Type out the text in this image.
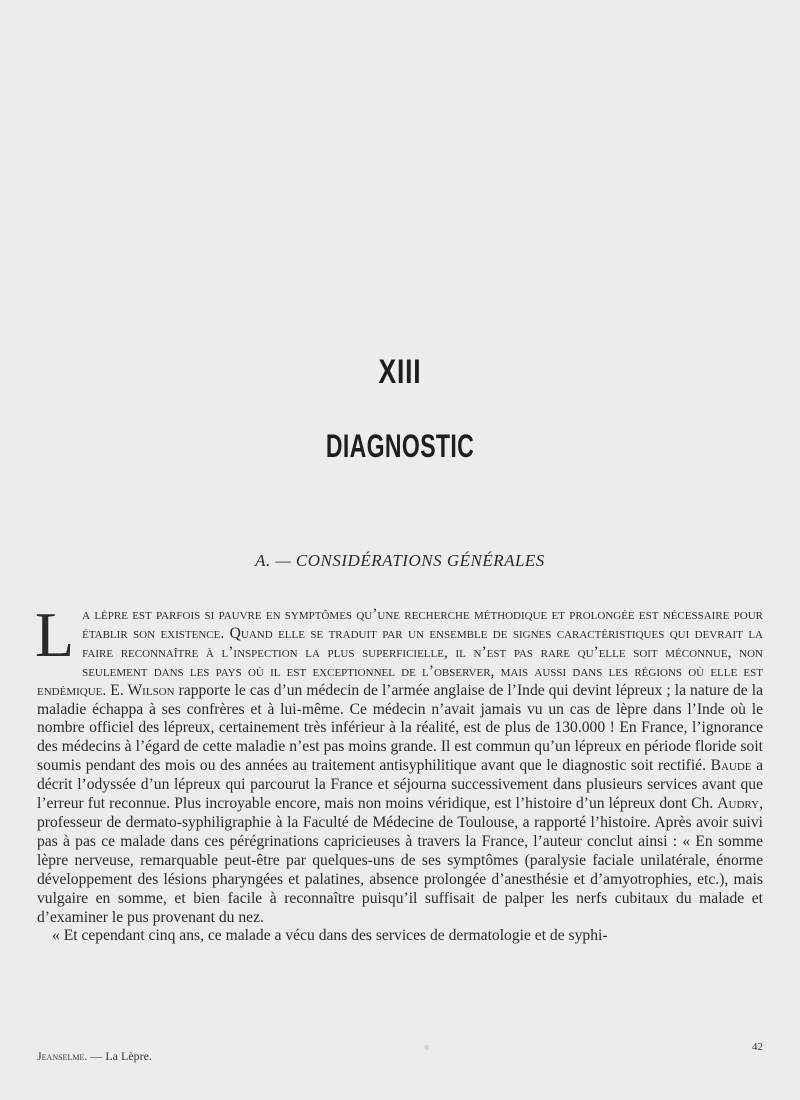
XIII
DIAGNOSTIC
A. — CONSIDÉRATIONS GÉNÉRALES

La lèpre est parfois si pauvre en symptômes qu’une recherche méthodique et prolongée est nécessaire pour établir son existence. Quand elle se traduit par un ensemble de signes caractéristiques qui devrait la faire reconnaître à l’inspection la plus superficielle, il n’est pas rare qu’elle soit méconnue, non seulement dans les pays où il est exceptionnel de l’observer, mais aussi dans les régions où elle est endémique. E. Wilson rapporte le cas d’un médecin de l’armée anglaise de l’Inde qui devint lépreux ; la nature de la maladie échappa à ses confrères et à lui-même. Ce médecin n’avait jamais vu un cas de lèpre dans l’Inde où le nombre officiel des lépreux, certainement très inférieur à la réalité, est de plus de 130.000 ! En France, l’ignorance des médecins à l’égard de cette maladie n’est pas moins grande. Il est commun qu’un lépreux en période floride soit soumis pendant des mois ou des années au traitement antisyphilitique avant que le diagnostic soit rectifié. Baude a décrit l’odyssée d’un lépreux qui parcourut la France et séjourna successivement dans plusieurs services avant que l’erreur fut reconnue. Plus incroyable encore, mais non moins véridique, est l’histoire d’un lépreux dont Ch. Audry, professeur de dermato-syphiligraphie à la Faculté de Médecine de Toulouse, a rapporté l’histoire. Après avoir suivi pas à pas ce malade dans ces pérégrinations capricieuses à travers la France, l’auteur conclut ainsi : « En somme lèpre nerveuse, remarquable peut-être par quelques-uns de ses symptômes (paralysie faciale unilatérale, énorme développement des lésions pharyngées et palatines, absence prolongée d’anesthésie et d’amyotrophies, etc.), mais vulgaire en somme, et bien facile à reconnaître puisqu’il suffisait de palper les nerfs cubitaux du malade et d’examiner le pus provenant du nez.

« Et cependant cinq ans, ce malade a vécu dans des services de dermatologie et de syphi-

Jeanselme. — La Lèpre.
42
